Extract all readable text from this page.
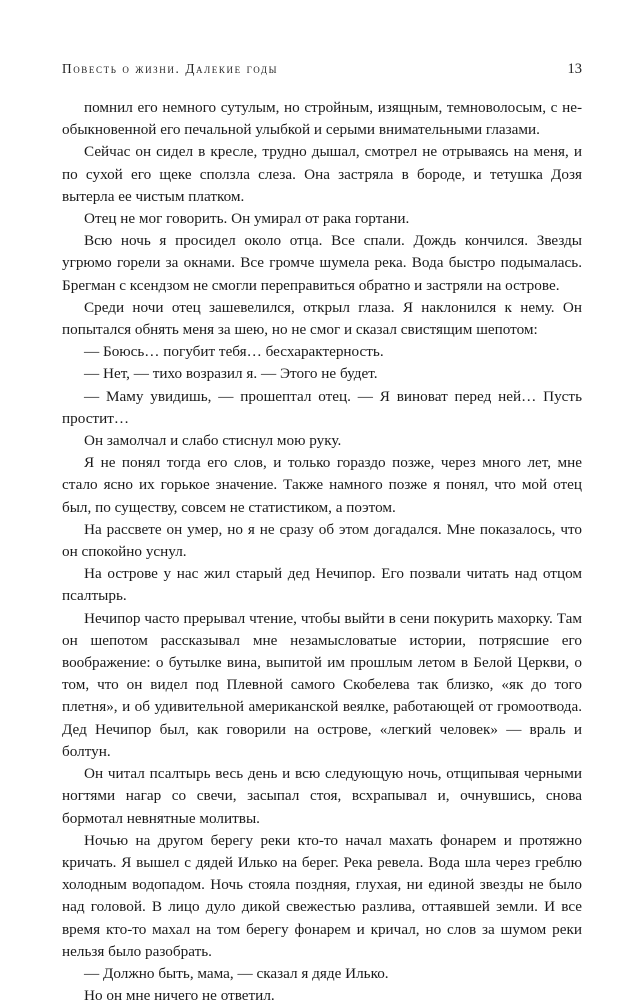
Повесть о жизни. Далекие годы	13

помнил его немного сутулым, но стройным, изящным, темноволосым, с необыкновенной его печальной улыбкой и серыми внимательными глазами.

Сейчас он сидел в кресле, трудно дышал, смотрел не отрываясь на меня, и по сухой его щеке сползла слеза. Она застряла в бороде, и тетушка Дозя вытерла ее чистым платком.

Отец не мог говорить. Он умирал от рака гортани.

Всю ночь я просидел около отца. Все спали. Дождь кончился. Звезды угрюмо горели за окнами. Все громче шумела река. Вода быстро подымалась. Брегман с ксендзом не смогли переправиться обратно и застряли на острове.

Среди ночи отец зашевелился, открыл глаза. Я наклонился к нему. Он попытался обнять меня за шею, но не смог и сказал свистящим шепотом:

— Боюсь… погубит тебя… бесхарактерность.

— Нет, — тихо возразил я. — Этого не будет.

— Маму увидишь, — прошептал отец. — Я виноват перед ней… Пусть простит…

Он замолчал и слабо стиснул мою руку.

Я не понял тогда его слов, и только гораздо позже, через много лет, мне стало ясно их горькое значение. Также намного позже я понял, что мой отец был, по существу, совсем не статистиком, а поэтом.

На рассвете он умер, но я не сразу об этом догадался. Мне показалось, что он спокойно уснул.

На острове у нас жил старый дед Нечипор. Его позвали читать над отцом псалтырь.

Нечипор часто прерывал чтение, чтобы выйти в сени покурить махорку. Там он шепотом рассказывал мне незамысловатые истории, потрясшие его воображение: о бутылке вина, выпитой им прошлым летом в Белой Церкви, о том, что он видел под Плевной самого Скобелева так близко, «як до того плетня», и об удивительной американской веялке, работающей от громоотвода. Дед Нечипор был, как говорили на острове, «легкий человек» — враль и болтун.

Он читал псалтырь весь день и всю следующую ночь, отщипывая черными ногтями нагар со свечи, засыпал стоя, всхрапывал и, очнувшись, снова бормотал невнятные молитвы.

Ночью на другом берегу реки кто-то начал махать фонарем и протяжно кричать. Я вышел с дядей Илько на берег. Река ревела. Вода шла через греблю холодным водопадом. Ночь стояла поздняя, глухая, ни единой звезды не было над головой. В лицо дуло дикой свежестью разлива, оттаявшей земли. И все время кто-то махал на том берегу фонарем и кричал, но слов за шумом реки нельзя было разобрать.

— Должно быть, мама, — сказал я дяде Илько.

Но он мне ничего не ответил.
